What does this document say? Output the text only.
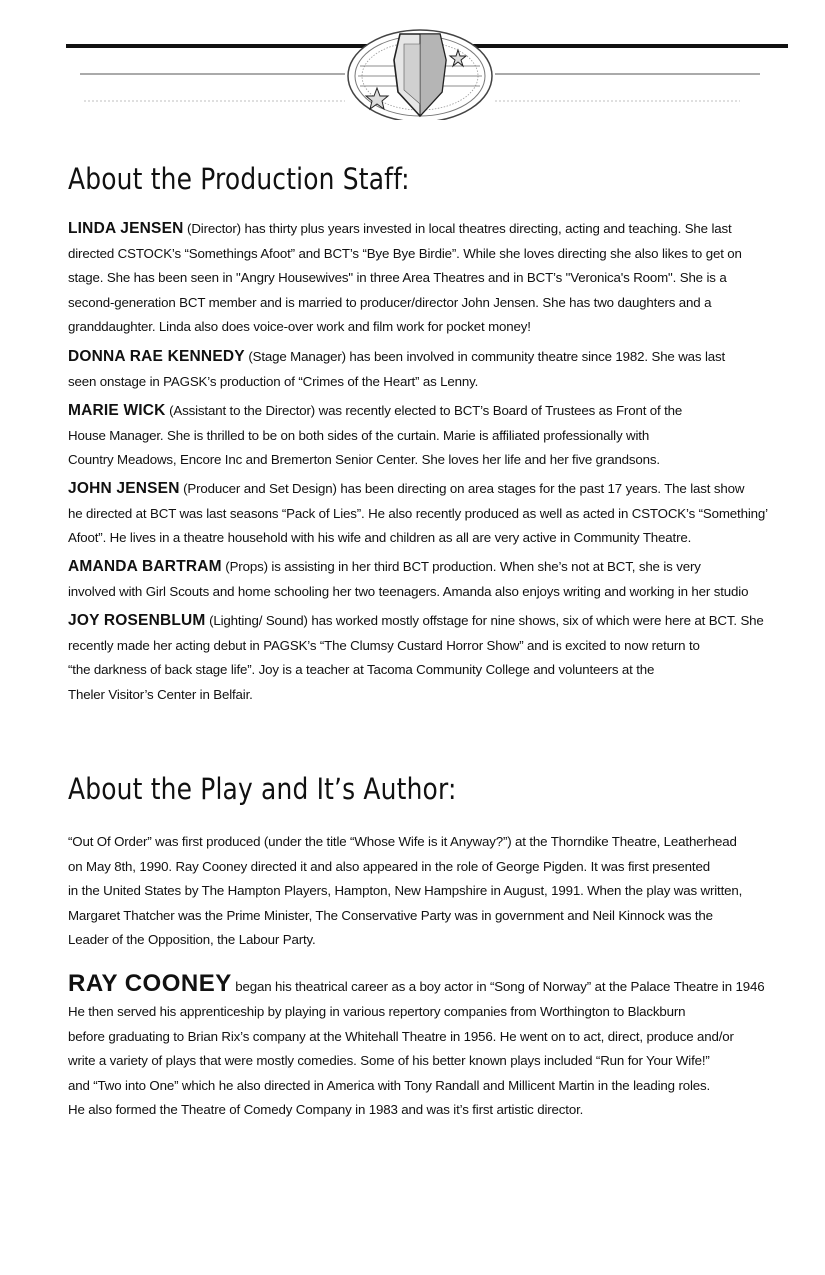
About the Production Staff:
LINDA JENSEN (Director) has thirty plus years invested in local theatres directing, acting and teaching. She last
directed CSTOCK’s “Somethings Afoot” and BCT’s “Bye Bye Birdie”. While she loves directing she also likes to get on
stage. She has been seen in "Angry Housewives" in three Area Theatres and in BCT’s "Veronica's Room". She is a
second-generation BCT member and is married to producer/director John Jensen. She has two daughters and a
granddaughter. Linda also does voice-over work and film work for pocket money!
DONNA RAE KENNEDY (Stage Manager) has been involved in community theatre since 1982. She was last
seen onstage in PAGSK’s production of “Crimes of the Heart” as Lenny.
MARIE WICK (Assistant to the Director) was recently elected to BCT’s Board of Trustees as Front of the
House Manager. She is thrilled to be on both sides of the curtain. Marie is affiliated professionally with
Country Meadows, Encore Inc and Bremerton Senior Center. She loves her life and her five grandsons.
JOHN JENSEN (Producer and Set Design) has been directing on area stages for the past 17 years. The last show
he directed at BCT was last seasons “Pack of Lies”. He also recently produced as well as acted in CSTOCK’s “Something’
Afoot”. He lives in a theatre household with his wife and children as all are very active in Community Theatre.
AMANDA BARTRAM (Props) is assisting in her third BCT production. When she’s not at BCT, she is very
involved with Girl Scouts and home schooling her two teenagers. Amanda also enjoys writing and working in her studio
JOY ROSENBLUM (Lighting/ Sound) has worked mostly offstage for nine shows, six of which were here at BCT. She
recently made her acting debut in PAGSK’s “The Clumsy Custard Horror Show” and is excited to now return to
“the darkness of back stage life”. Joy is a teacher at Tacoma Community College and volunteers at the
Theler Visitor’s Center in Belfair.
About the Play and It’s Author:
“Out Of Order” was first produced (under the title “Whose Wife is it Anyway?”) at the Thorndike Theatre, Leatherhead
on May 8th, 1990. Ray Cooney directed it and also appeared in the role of George Pigden. It was first presented
in the United States by The Hampton Players, Hampton, New Hampshire in August, 1991. When the play was written,
Margaret Thatcher was the Prime Minister, The Conservative Party was in government and Neil Kinnock was the
Leader of the Opposition, the Labour Party.
RAY COONEY began his theatrical career as a boy actor in “Song of Norway” at the Palace Theatre in 1946
He then served his apprenticeship by playing in various repertory companies from Worthington to Blackburn
before graduating to Brian Rix’s company at the Whitehall Theatre in 1956. He went on to act, direct, produce and/or
write a variety of plays that were mostly comedies. Some of his better known plays included “Run for Your Wife!”
and “Two into One” which he also directed in America with Tony Randall and Millicent Martin in the leading roles.
He also formed the Theatre of Comedy Company in 1983 and was it’s first artistic director.
